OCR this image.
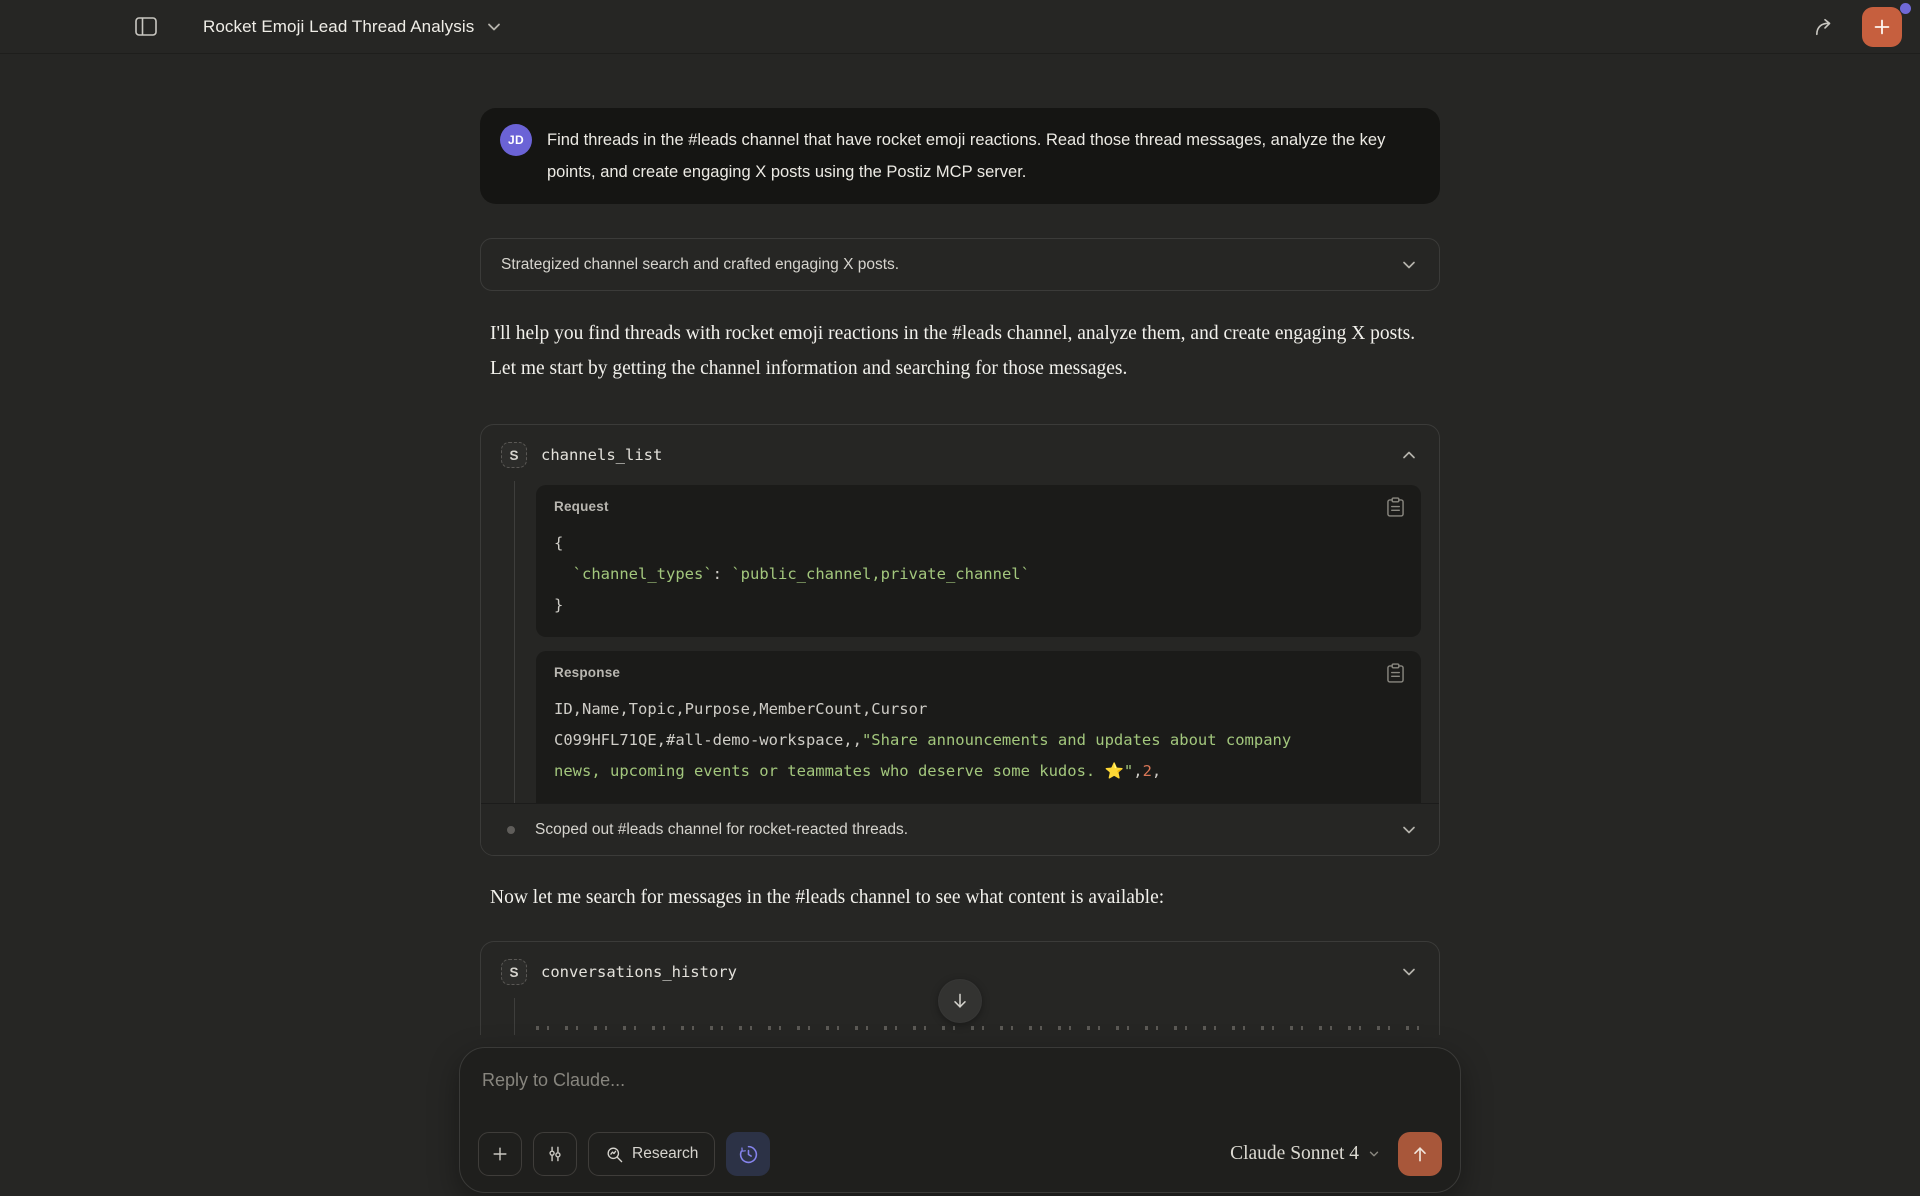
Rocket Emoji Lead Thread Analysis
JD	Find threads in the #leads channel that have rocket emoji reactions. Read those thread messages, analyze the key points, and create engaging X posts using the Postiz MCP server.
Strategized channel search and crafted engaging X posts.
I'll help you find threads with rocket emoji reactions in the #leads channel, analyze them, and create engaging X posts. Let me start by getting the channel information and searching for those messages.
S	channels_list
Request
{
`channel_types`: `public_channel,private_channel`
}
Response
ID,Name,Topic,Purpose,MemberCount,Cursor
C099HFL71QE,#all-demo-workspace,,"Share announcements and updates about company
news, upcoming events or teammates who deserve some kudos. ⭐",2,
Scoped out #leads channel for rocket-reacted threads.
Now let me search for messages in the #leads channel to see what content is available:
S	conversations_history
Reply to Claude...
Research	Claude Sonnet 4
